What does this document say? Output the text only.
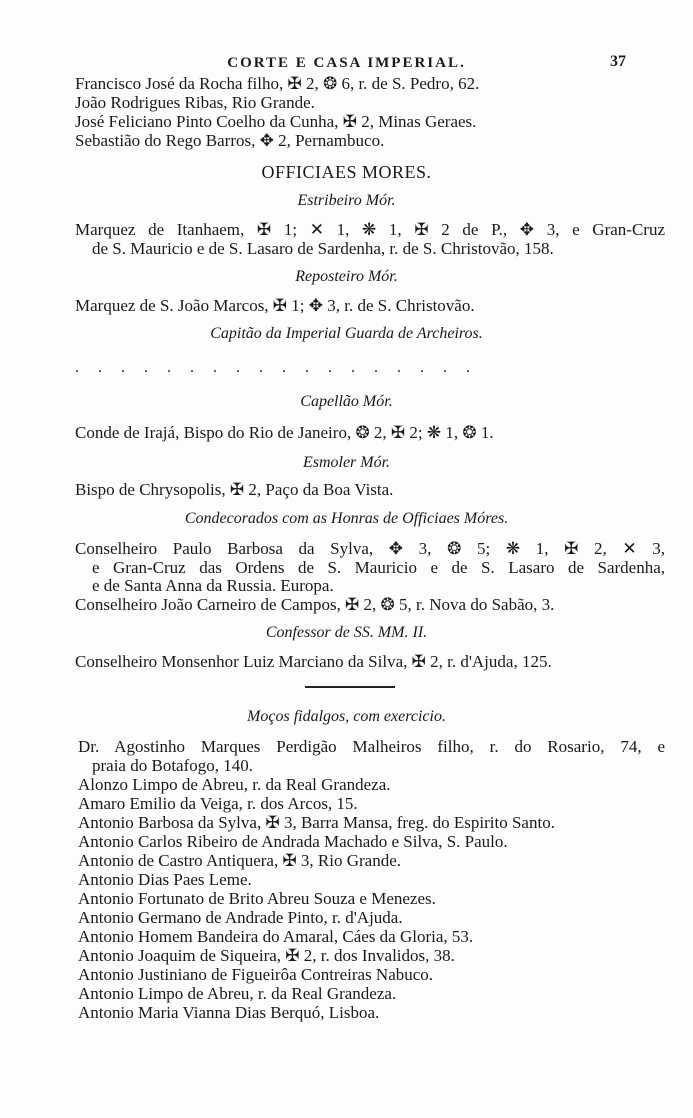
CORTE E CASA IMPERIAL.	37
Francisco José da Rocha filho, ✠ 2, ❂ 6, r. de S. Pedro, 62.
João Rodrigues Ribas, Rio Grande.
José Feliciano Pinto Coelho da Cunha, ✠ 2, Minas Geraes.
Sebastião do Rego Barros, ✥ 2, Pernambuco.
OFFICIAES MORES.
Estribeiro Mór.
Marquez de Itanhaem, ✠ 1; ✕ 1, ❋ 1, ✠ 2 de P., ✥ 3, e Gran-Cruz
de S. Mauricio e de S. Lasaro de Sardenha, r. de S. Christovão, 158.
Reposteiro Mór.
Marquez de S. João Marcos, ✠ 1; ✥ 3, r. de S. Christovão.
Capitão da Imperial Guarda de Archeiros.
. . . . . . . . . . . . . . . . . .
Capellão Mór.
Conde de Irajá, Bispo do Rio de Janeiro, ❂ 2, ✠ 2; ❋ 1, ❂ 1.
Esmoler Mór.
Bispo de Chrysopolis, ✠ 2, Paço da Boa Vista.
Condecorados com as Honras de Officiaes Móres.
Conselheiro Paulo Barbosa da Sylva, ✥ 3, ❂ 5; ❋ 1, ✠ 2, ✕ 3,
e Gran-Cruz das Ordens de S. Mauricio e de S. Lasaro de Sardenha,
e de Santa Anna da Russia. Europa.
Conselheiro João Carneiro de Campos, ✠ 2, ❂ 5, r. Nova do Sabão, 3.
Confessor de SS. MM. II.
Conselheiro Monsenhor Luiz Marciano da Silva, ✠ 2, r. d'Ajuda, 125.
Moços fidalgos, com exercicio.
Dr. Agostinho Marques Perdigão Malheiros filho, r. do Rosario, 74, e
praia do Botafogo, 140.
Alonzo Limpo de Abreu, r. da Real Grandeza.
Amaro Emilio da Veiga, r. dos Arcos, 15.
Antonio Barbosa da Sylva, ✠ 3, Barra Mansa, freg. do Espirito Santo.
Antonio Carlos Ribeiro de Andrada Machado e Silva, S. Paulo.
Antonio de Castro Antiquera, ✠ 3, Rio Grande.
Antonio Dias Paes Leme.
Antonio Fortunato de Brito Abreu Souza e Menezes.
Antonio Germano de Andrade Pinto, r. d'Ajuda.
Antonio Homem Bandeira do Amaral, Cáes da Gloria, 53.
Antonio Joaquim de Siqueira, ✠ 2, r. dos Invalidos, 38.
Antonio Justiniano de Figueirôa Contreiras Nabuco.
Antonio Limpo de Abreu, r. da Real Grandeza.
Antonio Maria Vianna Dias Berquó, Lisboa.
